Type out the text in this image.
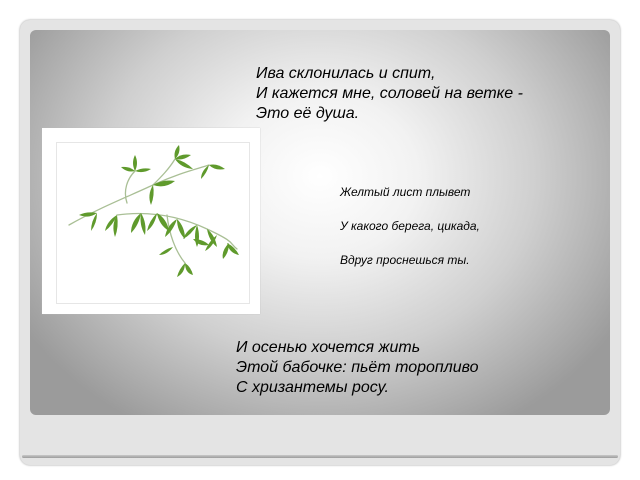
Ива склонилась и спит,
И кажется мне, соловей на ветке -
Это её душа.
Желтый лист плывет
У какого берега, цикада,
Вдруг проснешься ты.
И осенью хочется жить
Этой бабочке: пьёт торопливо
С хризантемы росу.
